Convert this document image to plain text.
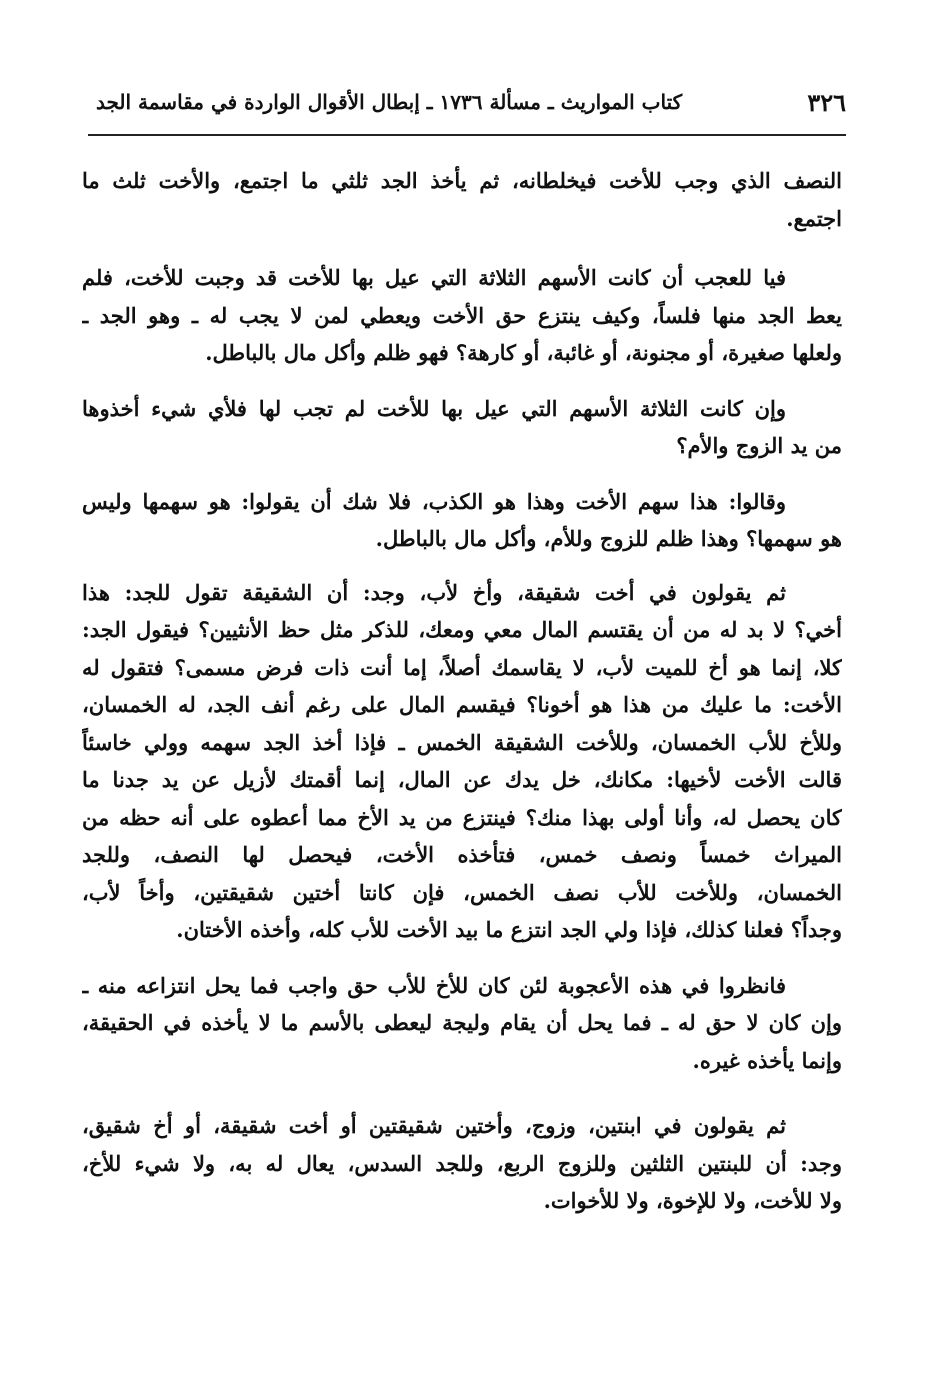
٣٢٦
كتاب المواريث ـ مسألة ١٧٣٦ ـ إبطال الأقوال الواردة في مقاسمة الجد
النصف الذي وجب للأخت فيخلطانه، ثم يأخذ الجد ثلثي ما اجتمع، والأخت ثلث ما
اجتمع.
فيا للعجب أن كانت الأسهم الثلاثة التي عيل بها للأخت قد وجبت للأخت، فلم
يعط الجد منها فلساً، وكيف ينتزع حق الأخت ويعطي لمن لا يجب له ـ وهو الجد ـ
ولعلها صغيرة، أو مجنونة، أو غائبة، أو كارهة؟ فهو ظلم وأكل مال بالباطل.
وإن كانت الثلاثة الأسهم التي عيل بها للأخت لم تجب لها فلأي شيء أخذوها
من يد الزوج والأم؟
وقالوا: هذا سهم الأخت وهذا هو الكذب، فلا شك أن يقولوا: هو سهمها وليس
هو سهمها؟ وهذا ظلم للزوج وللأم، وأكل مال بالباطل.
ثم يقولون في أخت شقيقة، وأخ لأب، وجد: أن الشقيقة تقول للجد: هذا
أخي؟ لا بد له من أن يقتسم المال معي ومعك، للذكر مثل حظ الأنثيين؟ فيقول الجد:
كلا، إنما هو أخ للميت لأب، لا يقاسمك أصلاً، إما أنت ذات فرض مسمى؟ فتقول له
الأخت: ما عليك من هذا هو أخونا؟ فيقسم المال على رغم أنف الجد، له الخمسان،
وللأخ للأب الخمسان، وللأخت الشقيقة الخمس ـ فإذا أخذ الجد سهمه وولي خاسئاً
قالت الأخت لأخيها: مكانك، خل يدك عن المال، إنما أقمتك لأزيل عن يد جدنا ما
كان يحصل له، وأنا أولى بهذا منك؟ فينتزع من يد الأخ مما أعطوه على أنه حظه من
الميراث خمساً ونصف خمس، فتأخذه الأخت، فيحصل لها النصف، وللجد
الخمسان، وللأخت للأب نصف الخمس، فإن كانتا أختين شقيقتين، وأخاً لأب،
وجداً؟ فعلنا كذلك، فإذا ولي الجد انتزع ما بيد الأخت للأب كله، وأخذه الأختان.
فانظروا في هذه الأعجوبة لئن كان للأخ للأب حق واجب فما يحل انتزاعه منه ـ
وإن كان لا حق له ـ فما يحل أن يقام وليجة ليعطى بالأسم ما لا يأخذه في الحقيقة،
وإنما يأخذه غيره.
ثم يقولون في ابنتين، وزوج، وأختين شقيقتين أو أخت شقيقة، أو أخ شقيق،
وجد: أن للبنتين الثلثين وللزوج الربع، وللجد السدس، يعال له به، ولا شيء للأخ،
ولا للأخت، ولا للإخوة، ولا للأخوات.
